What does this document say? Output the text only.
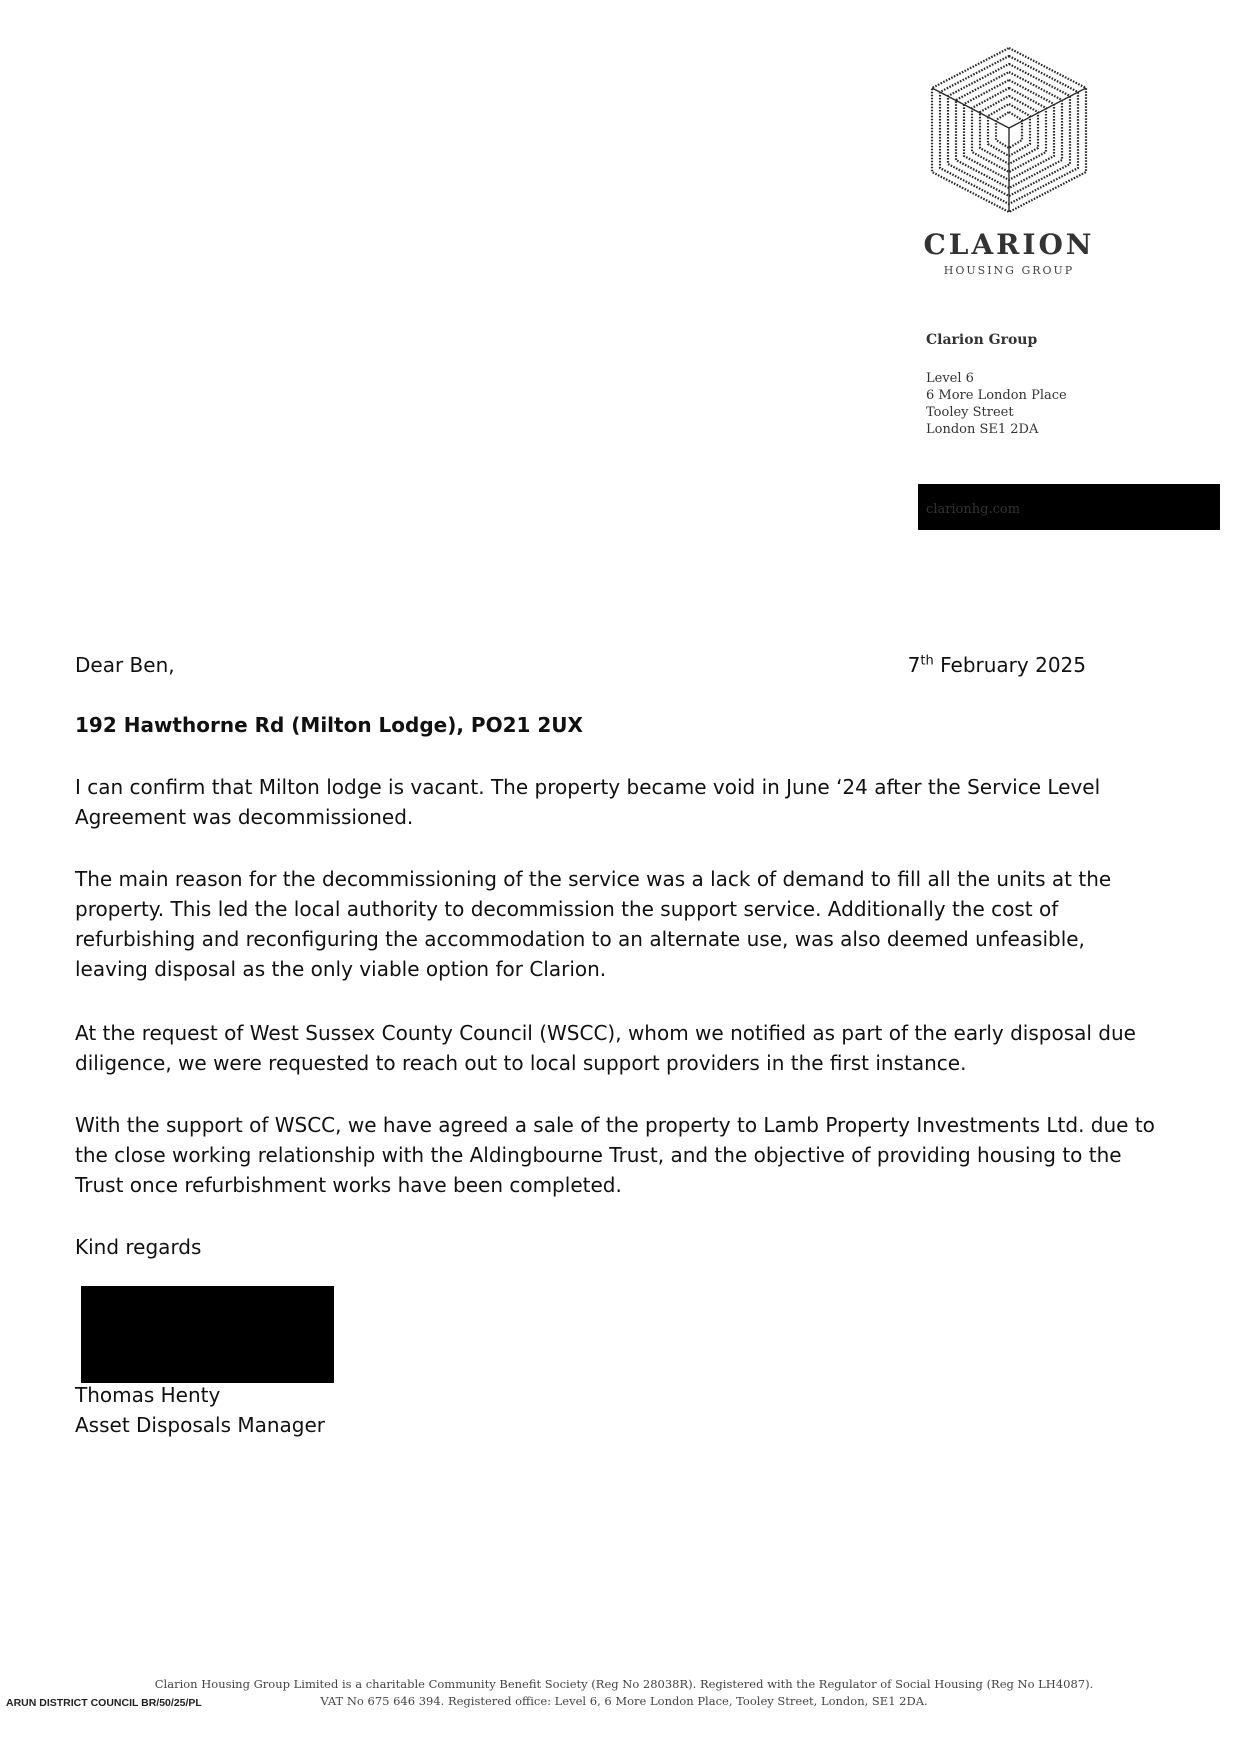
CLARION
HOUSING GROUP
Clarion Group
Level 6
6 More London Place
Tooley Street
London SE1 2DA
clarionhg.com
Dear Ben,	7th February 2025
192 Hawthorne Rd (Milton Lodge), PO21 2UX

I can confirm that Milton lodge is vacant. The property became void in June ‘24 after the Service Level Agreement was decommissioned.

The main reason for the decommissioning of the service was a lack of demand to fill all the units at the property. This led the local authority to decommission the support service. Additionally the cost of refurbishing and reconfiguring the accommodation to an alternate use, was also deemed unfeasible, leaving disposal as the only viable option for Clarion.

At the request of West Sussex County Council (WSCC), whom we notified as part of the early disposal due diligence, we were requested to reach out to local support providers in the first instance.

With the support of WSCC, we have agreed a sale of the property to Lamb Property Investments Ltd. due to the close working relationship with the Aldingbourne Trust, and the objective of providing housing to the Trust once refurbishment works have been completed.

Kind regards
Thomas Henty
Asset Disposals Manager
Clarion Housing Group Limited is a charitable Community Benefit Society (Reg No 28038R). Registered with the Regulator of Social Housing (Reg No LH4087).
VAT No 675 646 394. Registered office: Level 6, 6 More London Place, Tooley Street, London, SE1 2DA.
ARUN DISTRICT COUNCIL BR/50/25/PL
